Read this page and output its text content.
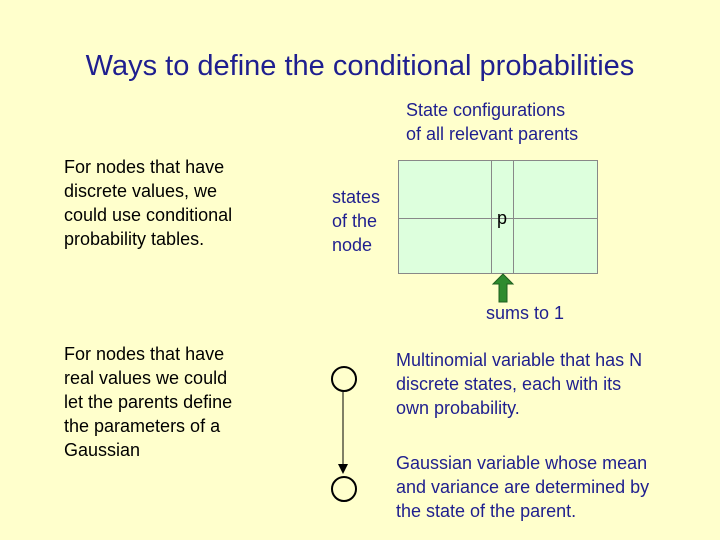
Ways to define the conditional probabilities
State configurations
of all relevant parents
For nodes that have
discrete values, we
could use conditional
probability tables.
states
of the
node
p
sums to 1
For nodes that have
real values we could
let the parents define
the parameters of a
Gaussian
Multinomial variable that has N
discrete states, each with its
own probability.
Gaussian variable whose mean
and variance are determined by
the state of the parent.
